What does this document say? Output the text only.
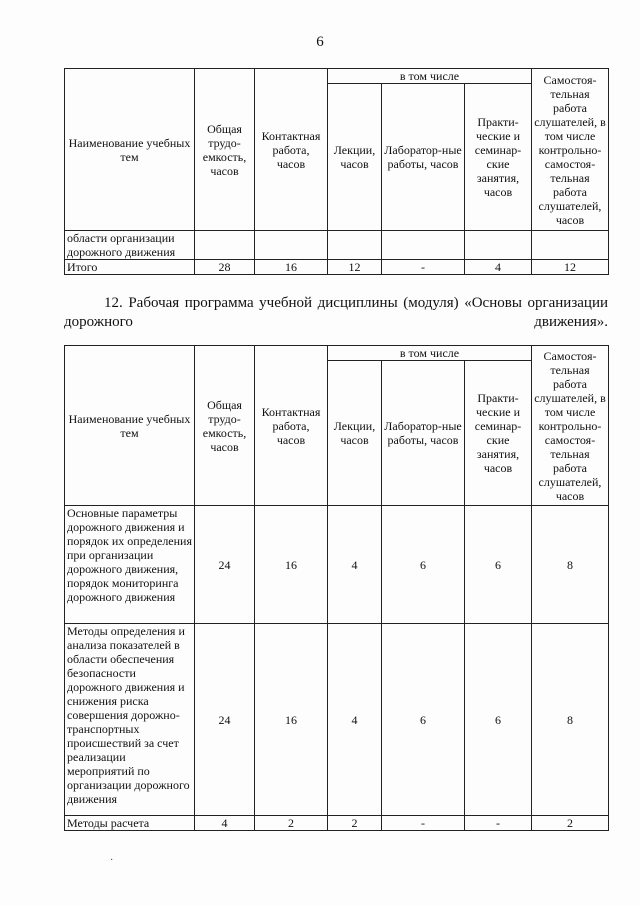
6
Наименование учебных тем	Общая трудо-емкость, часов	Контактная работа, часов	в том числе			Самостоя-тельная работа слушателей, в том числе контрольно-самостоя-тельная работа слушателей, часов
			Лекции, часов	Лаборатор-ные работы, часов	Практи-ческие и семинар-ские занятия, часов	
области организации дорожного движения						
Итого	28	16	12	-	4	12
12. Рабочая программа учебной дисциплины (модуля) «Основы организации дорожного движения».
Наименование учебных тем	Общая трудо-емкость, часов	Контактная работа, часов	в том числе			Самостоя-тельная работа слушателей, в том числе контрольно-самостоя-тельная работа слушателей, часов
			Лекции, часов	Лаборатор-ные работы, часов	Практи-ческие и семинар-ские занятия, часов	
Основные параметры дорожного движения и порядок их определения при организации дорожного движения, порядок мониторинга дорожного движения	24	16	4	6	6	8
Методы определения и анализа показателей в области обеспечения безопасности дорожного движения и снижения риска совершения дорожно-транспортных происшествий за счет реализации мероприятий по организации дорожного движения	24	16	4	6	6	8
Методы расчета	4	2	2	-	-	2
·
